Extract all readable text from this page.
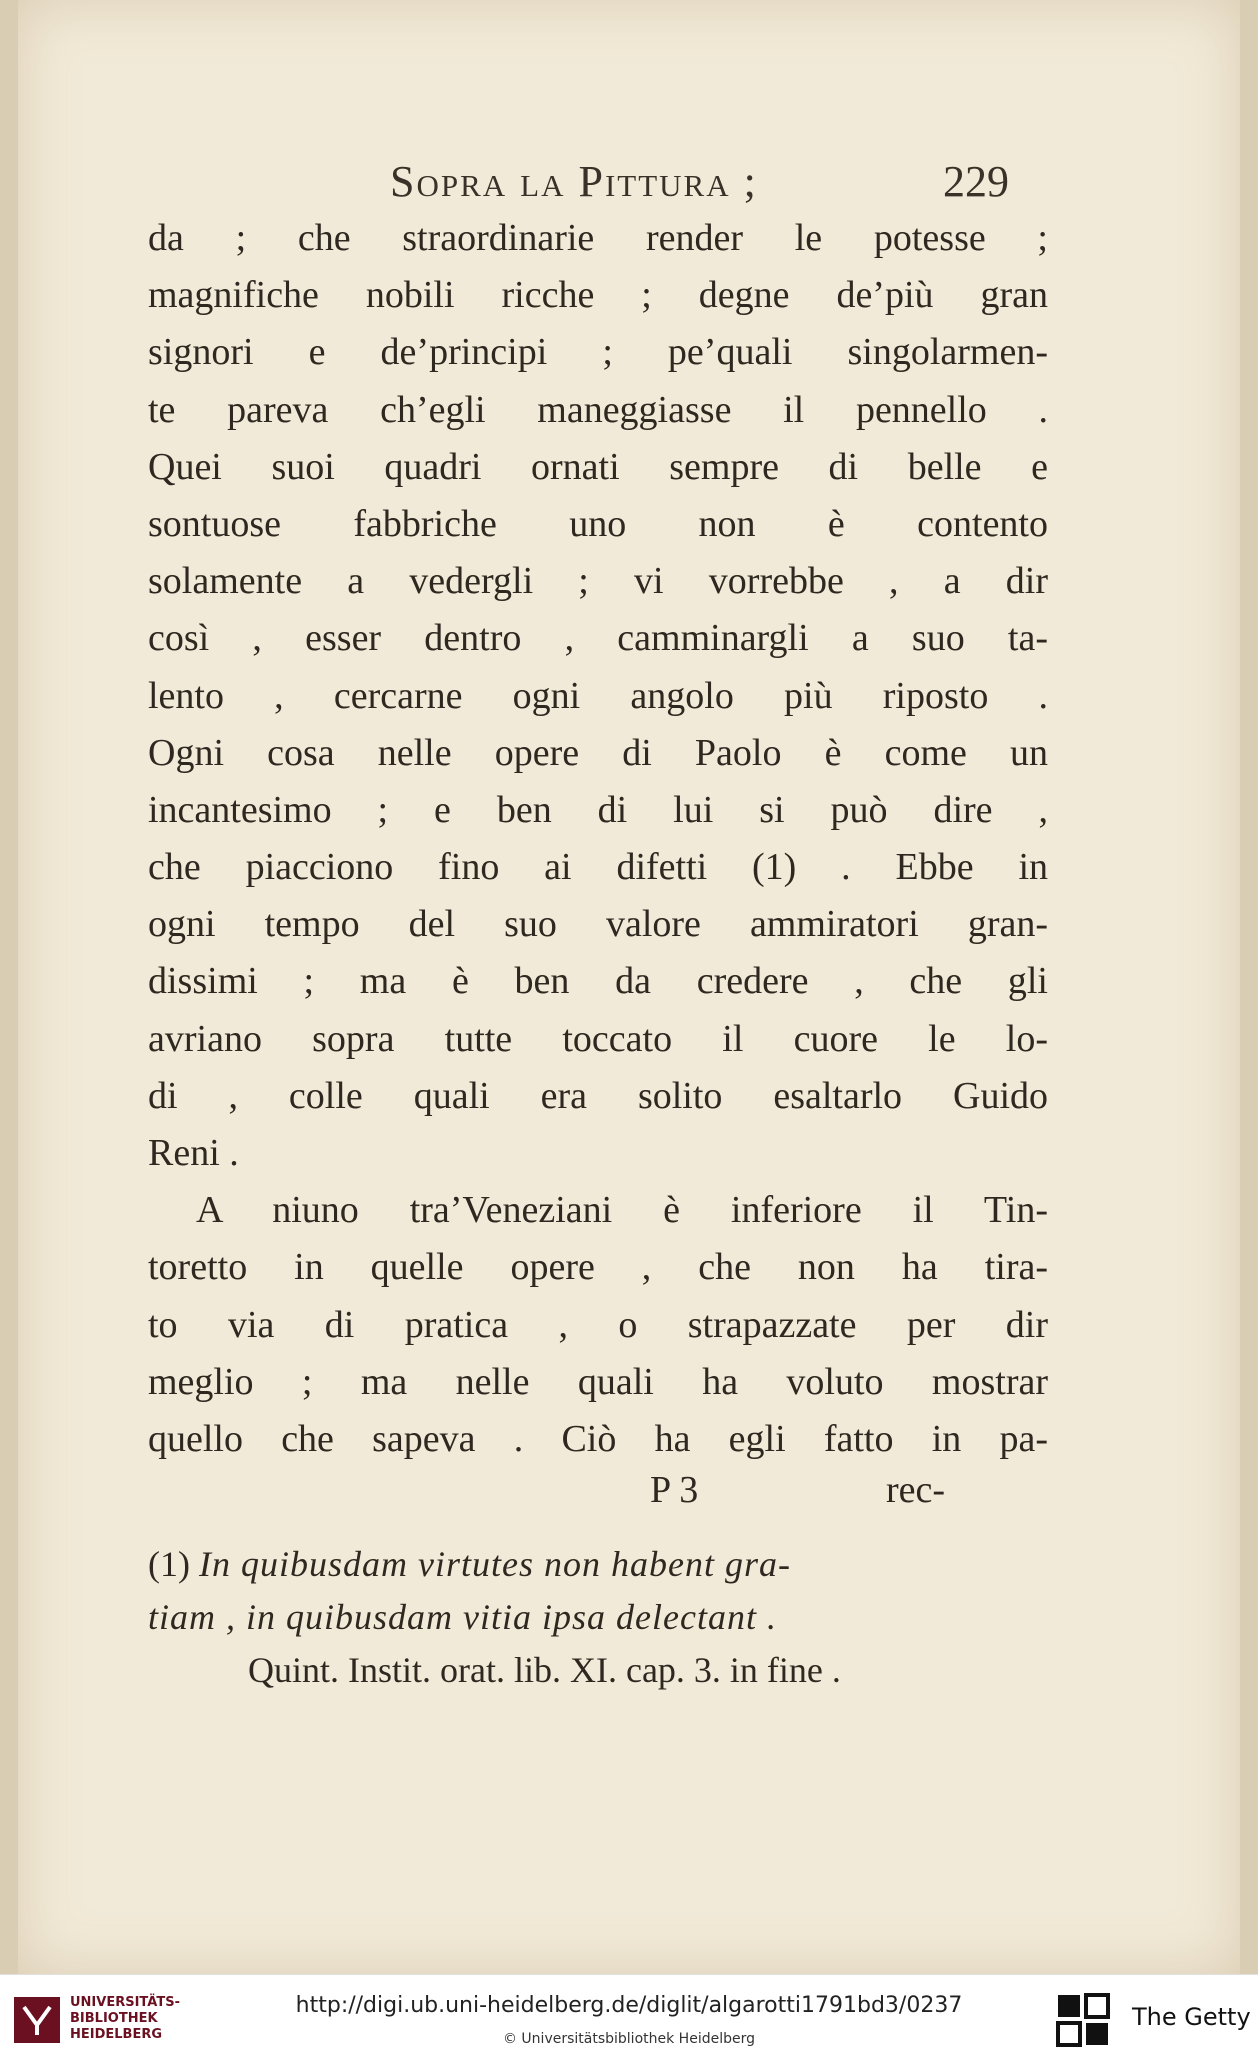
Sopra la Pittura ;	229
da ; che straordinarie render le potesse ;
magnifiche nobili ricche ; degne de’più gran
signori e de’principi ; pe’quali singolarmen-
te pareva ch’egli maneggiasse il pennello .
Quei suoi quadri ornati sempre di belle e
sontuose fabbriche uno non è contento
solamente a vedergli ; vi vorrebbe , a dir
così , esser dentro , camminargli a suo ta-
lento , cercarne ogni angolo più riposto .
Ogni cosa nelle opere di Paolo è come un
incantesimo ; e ben di lui si può dire ,
che piacciono fino ai difetti (1) . Ebbe in
ogni tempo del suo valore ammiratori gran-
dissimi ; ma è ben da credere , che gli
avriano sopra tutte toccato il cuore le lo-
di , colle quali era solito esaltarlo Guido
Reni .
A niuno tra’Veneziani è inferiore il Tin-
toretto in quelle opere , che non ha tira-
to via di pratica , o strapazzate per dir
meglio ; ma nelle quali ha voluto mostrar
quello che sapeva . Ciò ha egli fatto in pa-
P 3	rec-
(1) In quibusdam virtutes non habent gra-
tiam , in quibusdam vitia ipsa delectant .
Quint. Instit. orat. lib. XI. cap. 3. in fine .
UNIVERSITÄTS-
BIBLIOTHEK
HEIDELBERG
http://digi.ub.uni-heidelberg.de/diglit/algarotti1791bd3/0237
© Universitätsbibliothek Heidelberg
The Getty
